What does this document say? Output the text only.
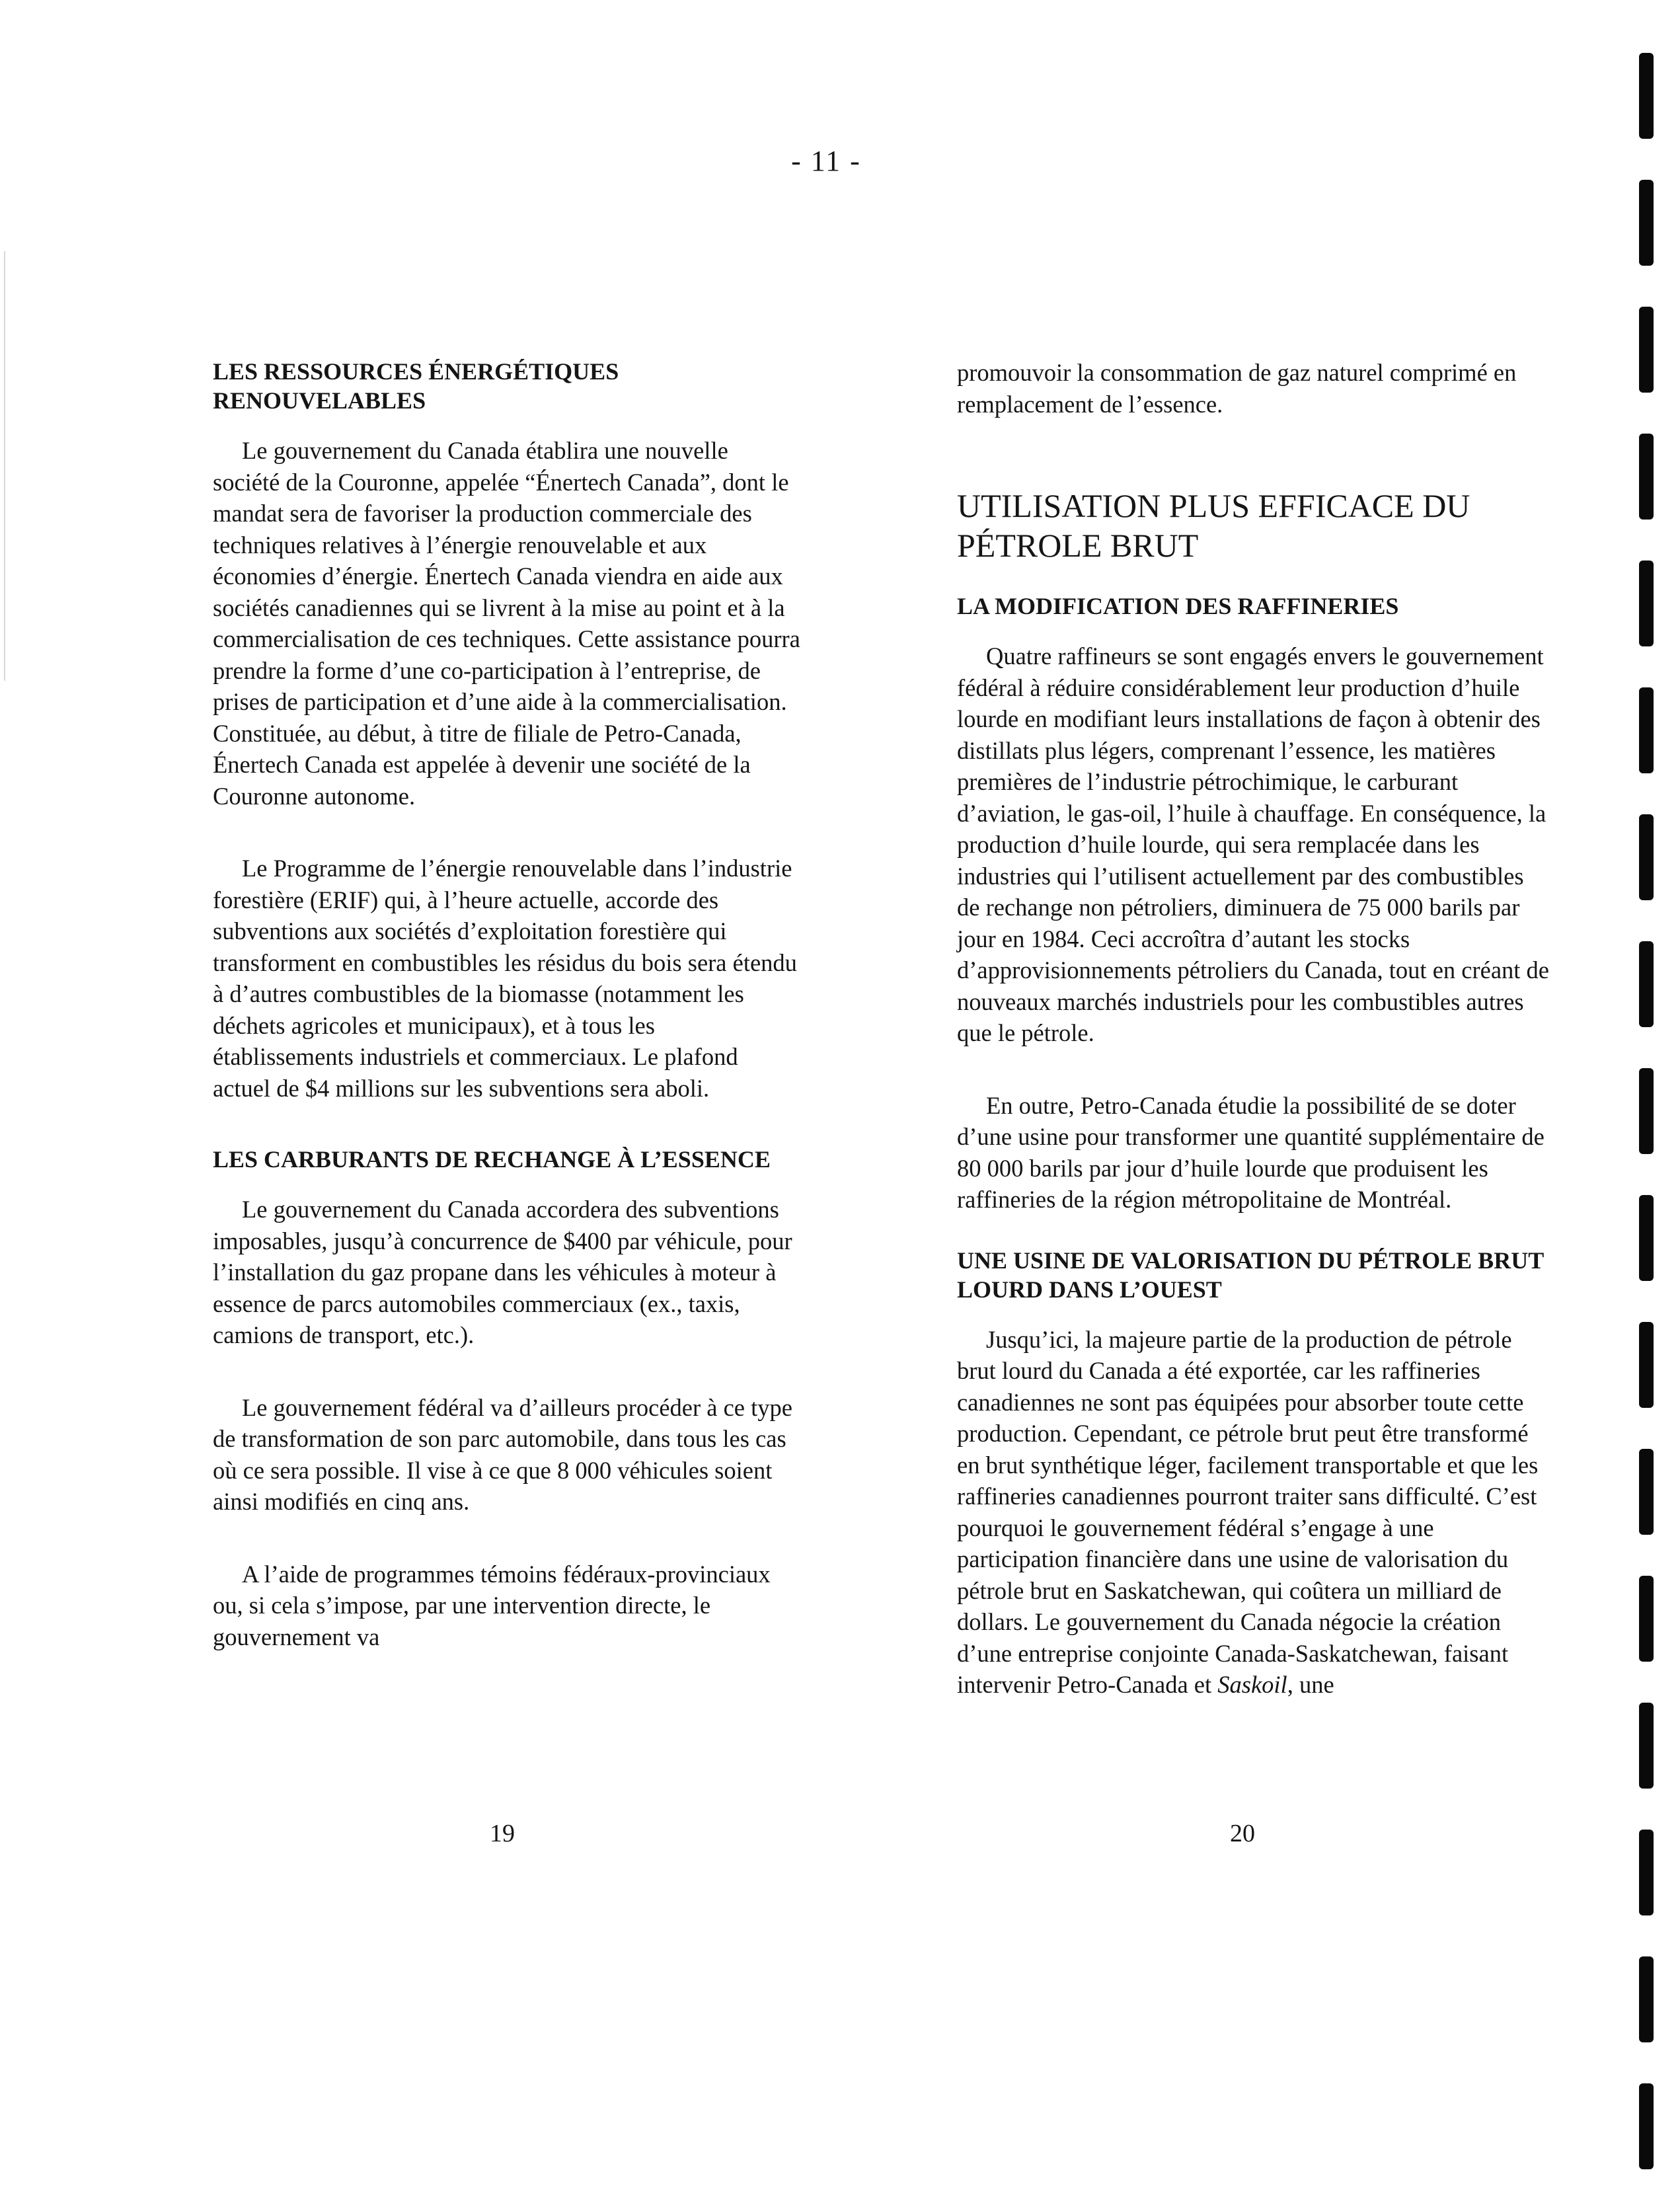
- 11 -
LES RESSOURCES ÉNERGÉTIQUES RENOUVELABLES

Le gouvernement du Canada établira une nouvelle société de la Couronne, appelée “Énertech Canada”, dont le mandat sera de favoriser la production commerciale des techniques relatives à l’énergie renouvelable et aux économies d’énergie. Énertech Canada viendra en aide aux sociétés canadiennes qui se livrent à la mise au point et à la commercialisation de ces techniques. Cette assistance pourra prendre la forme d’une co-participation à l’entreprise, de prises de participation et d’une aide à la commercialisation. Constituée, au début, à titre de filiale de Petro-Canada, Énertech Canada est appelée à devenir une société de la Couronne autonome.

Le Programme de l’énergie renouvelable dans l’industrie forestière (ERIF) qui, à l’heure actuelle, accorde des subventions aux sociétés d’exploitation forestière qui transforment en combustibles les résidus du bois sera étendu à d’autres combustibles de la biomasse (notamment les déchets agricoles et municipaux), et à tous les établissements industriels et commerciaux. Le plafond actuel de $4 millions sur les subventions sera aboli.

LES CARBURANTS DE RECHANGE À L’ESSENCE

Le gouvernement du Canada accordera des subventions imposables, jusqu’à concurrence de $400 par véhicule, pour l’installation du gaz propane dans les véhicules à moteur à essence de parcs automobiles commerciaux (ex., taxis, camions de transport, etc.).

Le gouvernement fédéral va d’ailleurs procéder à ce type de transformation de son parc automobile, dans tous les cas où ce sera possible. Il vise à ce que 8 000 véhicules soient ainsi modifiés en cinq ans.

A l’aide de programmes témoins fédéraux-provinciaux ou, si cela s’impose, par une intervention directe, le gouvernement va

promouvoir la consommation de gaz naturel comprimé en remplacement de l’essence.

UTILISATION PLUS EFFICACE DU PÉTROLE BRUT
LA MODIFICATION DES RAFFINERIES

Quatre raffineurs se sont engagés envers le gouvernement fédéral à réduire considérablement leur production d’huile lourde en modifiant leurs installations de façon à obtenir des distillats plus légers, comprenant l’essence, les matières premières de l’industrie pétrochimique, le carburant d’aviation, le gas-oil, l’huile à chauffage. En conséquence, la production d’huile lourde, qui sera remplacée dans les industries qui l’utilisent actuellement par des combustibles de rechange non pétroliers, diminuera de 75 000 barils par jour en 1984. Ceci accroîtra d’autant les stocks d’approvisionnements pétroliers du Canada, tout en créant de nouveaux marchés industriels pour les combustibles autres que le pétrole.

En outre, Petro-Canada étudie la possibilité de se doter d’une usine pour transformer une quantité supplémentaire de 80 000 barils par jour d’huile lourde que produisent les raffineries de la région métropolitaine de Montréal.

UNE USINE DE VALORISATION DU PÉTROLE BRUT LOURD DANS L’OUEST

Jusqu’ici, la majeure partie de la production de pétrole brut lourd du Canada a été exportée, car les raffineries canadiennes ne sont pas équipées pour absorber toute cette production. Cependant, ce pétrole brut peut être transformé en brut synthétique léger, facilement transportable et que les raffineries canadiennes pourront traiter sans difficulté. C’est pourquoi le gouvernement fédéral s’engage à une participation financière dans une usine de valorisation du pétrole brut en Saskatchewan, qui coûtera un milliard de dollars. Le gouvernement du Canada négocie la création d’une entreprise conjointe Canada-Saskatchewan, faisant intervenir Petro-Canada et Saskoil, une

19	20
